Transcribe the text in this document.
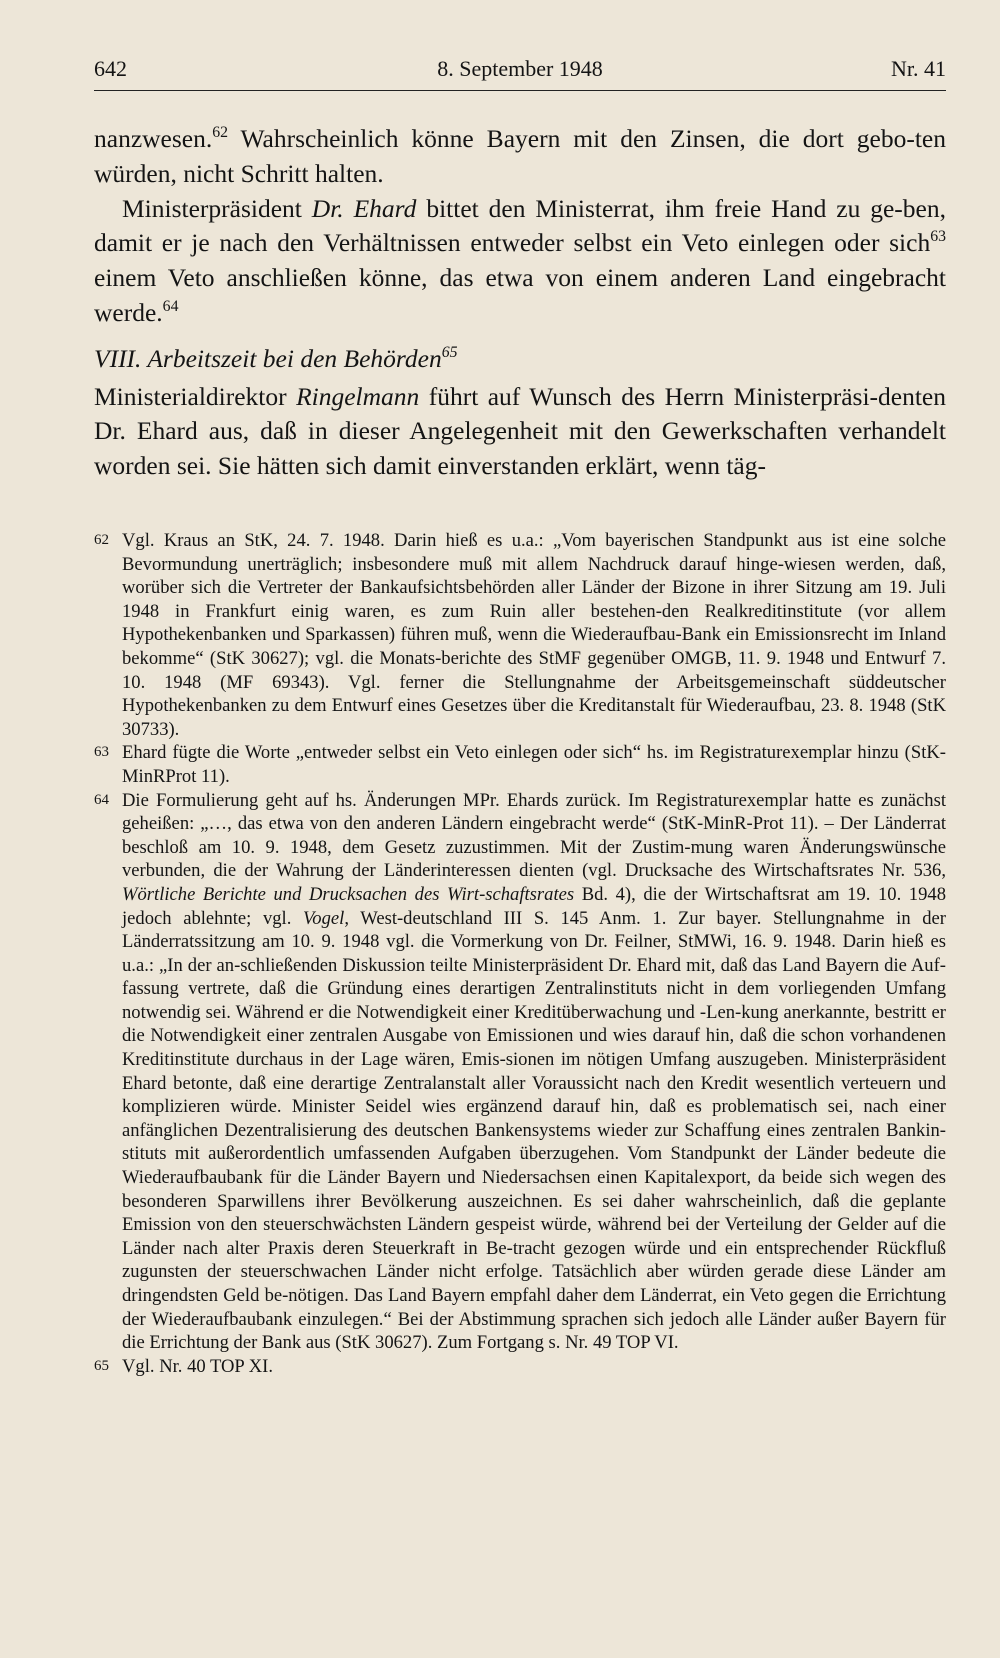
642	8. September 1948	Nr. 41

nanzwesen.$^{62}$ Wahrscheinlich könne Bayern mit den Zinsen, die dort gebo-ten würden, nicht Schritt halten.

Ministerpräsident Dr. Ehard bittet den Ministerrat, ihm freie Hand zu ge-ben, damit er je nach den Verhältnissen entweder selbst ein Veto einlegen oder sich$^{63}$ einem Veto anschließen könne, das etwa von einem anderen Land eingebracht werde.$^{64}$

VIII. Arbeitszeit bei den Behörden$^{65}$

Ministerialdirektor Ringelmann führt auf Wunsch des Herrn Ministerpräsi-denten Dr. Ehard aus, daß in dieser Angelegenheit mit den Gewerkschaften verhandelt worden sei. Sie hätten sich damit einverstanden erklärt, wenn täg-

62 Vgl. Kraus an StK, 24. 7. 1948. Darin hieß es u.a.: „Vom bayerischen Standpunkt aus ist eine solche Bevormundung unerträglich; insbesondere muß mit allem Nachdruck darauf hinge-wiesen werden, daß, worüber sich die Vertreter der Bankaufsichtsbehörden aller Länder der Bizone in ihrer Sitzung am 19. Juli 1948 in Frankfurt einig waren, es zum Ruin aller bestehen-den Realkreditinstitute (vor allem Hypothekenbanken und Sparkassen) führen muß, wenn die Wiederaufbau-Bank ein Emissionsrecht im Inland bekomme“ (StK 30627); vgl. die Monats-berichte des StMF gegenüber OMGB, 11. 9. 1948 und Entwurf 7. 10. 1948 (MF 69343). Vgl. ferner die Stellungnahme der Arbeitsgemeinschaft süddeutscher Hypothekenbanken zu dem Entwurf eines Gesetzes über die Kreditanstalt für Wiederaufbau, 23. 8. 1948 (StK 30733).
63 Ehard fügte die Worte „entweder selbst ein Veto einlegen oder sich“ hs. im Registraturexemplar hinzu (StK-MinRProt 11).
64 Die Formulierung geht auf hs. Änderungen MPr. Ehards zurück. Im Registraturexemplar hatte es zunächst geheißen: „…, das etwa von den anderen Ländern eingebracht werde“ (StK-MinR-Prot 11). – Der Länderrat beschloß am 10. 9. 1948, dem Gesetz zuzustimmen. Mit der Zustim-mung waren Änderungswünsche verbunden, die der Wahrung der Länderinteressen dienten (vgl. Drucksache des Wirtschaftsrates Nr. 536, Wörtliche Berichte und Drucksachen des Wirt-schaftsrates Bd. 4), die der Wirtschaftsrat am 19. 10. 1948 jedoch ablehnte; vgl. Vogel, West-deutschland III S. 145 Anm. 1. Zur bayer. Stellungnahme in der Länderratssitzung am 10. 9. 1948 vgl. die Vormerkung von Dr. Feilner, StMWi, 16. 9. 1948. Darin hieß es u.a.: „In der an-schließenden Diskussion teilte Ministerpräsident Dr. Ehard mit, daß das Land Bayern die Auf-fassung vertrete, daß die Gründung eines derartigen Zentralinstituts nicht in dem vorliegenden Umfang notwendig sei. Während er die Notwendigkeit einer Kreditüberwachung und -Len-kung anerkannte, bestritt er die Notwendigkeit einer zentralen Ausgabe von Emissionen und wies darauf hin, daß die schon vorhandenen Kreditinstitute durchaus in der Lage wären, Emis-sionen im nötigen Umfang auszugeben. Ministerpräsident Ehard betonte, daß eine derartige Zentralanstalt aller Voraussicht nach den Kredit wesentlich verteuern und komplizieren würde. Minister Seidel wies ergänzend darauf hin, daß es problematisch sei, nach einer anfänglichen Dezentralisierung des deutschen Bankensystems wieder zur Schaffung eines zentralen Bankin-stituts mit außerordentlich umfassenden Aufgaben überzugehen. Vom Standpunkt der Länder bedeute die Wiederaufbaubank für die Länder Bayern und Niedersachsen einen Kapitalexport, da beide sich wegen des besonderen Sparwillens ihrer Bevölkerung auszeichnen. Es sei daher wahrscheinlich, daß die geplante Emission von den steuerschwächsten Ländern gespeist würde, während bei der Verteilung der Gelder auf die Länder nach alter Praxis deren Steuerkraft in Be-tracht gezogen würde und ein entsprechender Rückfluß zugunsten der steuerschwachen Länder nicht erfolge. Tatsächlich aber würden gerade diese Länder am dringendsten Geld be-nötigen. Das Land Bayern empfahl daher dem Länderrat, ein Veto gegen die Errichtung der Wiederaufbaubank einzulegen.“ Bei der Abstimmung sprachen sich jedoch alle Länder außer Bayern für die Errichtung der Bank aus (StK 30627). Zum Fortgang s. Nr. 49 TOP VI.
65 Vgl. Nr. 40 TOP XI.
